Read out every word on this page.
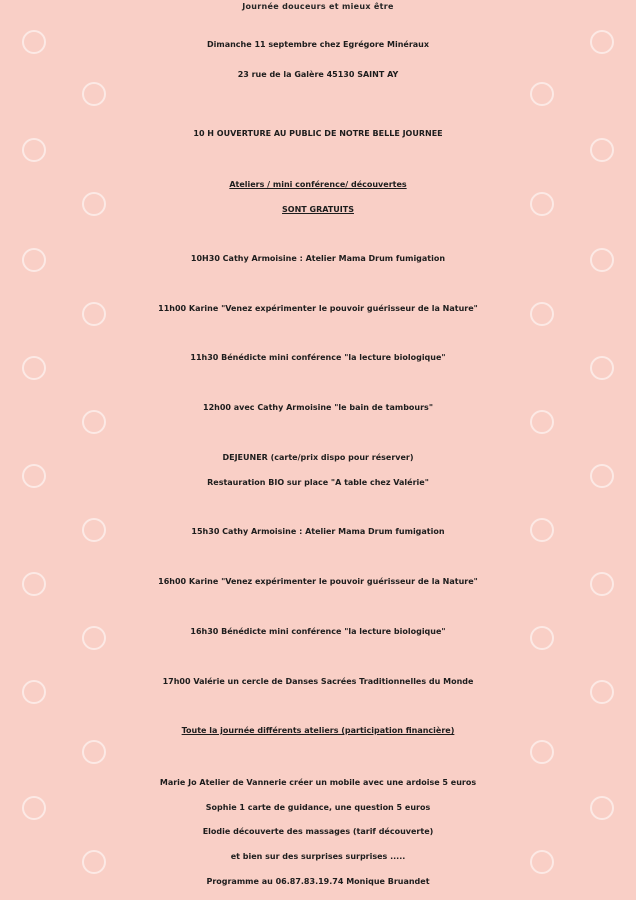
Journée douceurs et mieux être
Dimanche 11 septembre chez Egrégore Minéraux
23 rue de la Galère 45130 SAINT AY
10 H OUVERTURE AU PUBLIC DE NOTRE BELLE JOURNEE
Ateliers / mini conférence/ découvertes
SONT GRATUITS
10H30 Cathy Armoisine : Atelier Mama Drum fumigation
11h00 Karine "Venez expérimenter le pouvoir guérisseur de la Nature"
11h30 Bénédicte mini conférence "la lecture biologique"
12h00 avec Cathy Armoisine "le bain de tambours"
DEJEUNER (carte/prix dispo pour réserver)
Restauration BIO sur place "A table chez Valérie"
15h30 Cathy Armoisine : Atelier Mama Drum fumigation
16h00 Karine "Venez expérimenter le pouvoir guérisseur de la Nature"
16h30 Bénédicte mini conférence "la lecture biologique"
17h00 Valérie un cercle de Danses Sacrées Traditionnelles du Monde
Toute la journée différents ateliers (participation financière)
Marie Jo Atelier de Vannerie créer un mobile avec une ardoise 5 euros
Sophie 1 carte de guidance, une question 5 euros
Elodie découverte des massages (tarif découverte)
et bien sur des surprises surprises .....
Programme au 06.87.83.19.74 Monique Bruandet
